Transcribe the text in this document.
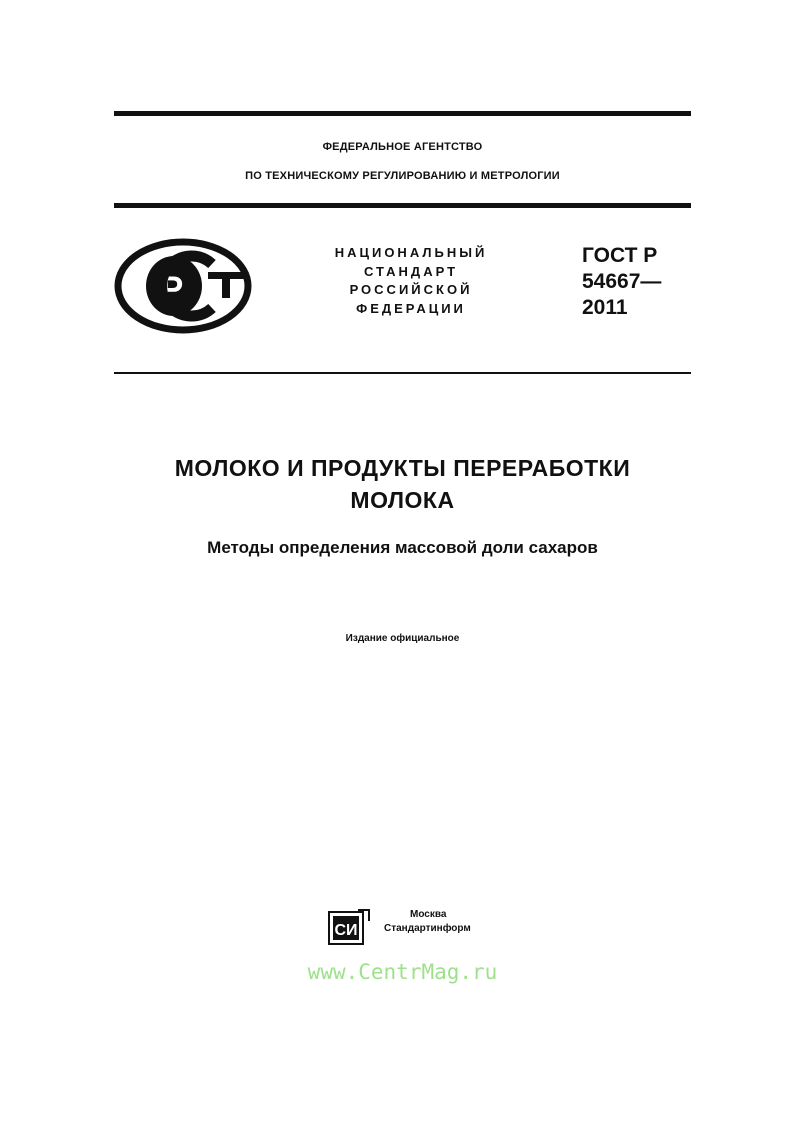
ФЕДЕРАЛЬНОЕ АГЕНТСТВО
ПО ТЕХНИЧЕСКОМУ РЕГУЛИРОВАНИЮ И МЕТРОЛОГИИ
Р
НАЦИОНАЛЬНЫЙ
СТАНДАРТ
РОССИЙСКОЙ
ФЕДЕРАЦИИ
ГОСТ Р
54667—
2011
МОЛОКО И ПРОДУКТЫ ПЕРЕРАБОТКИ
МОЛОКА
Методы определения массовой доли сахаров
Издание официальное
СИ
Москва
Стандартинформ
www.CentrMag.ru
